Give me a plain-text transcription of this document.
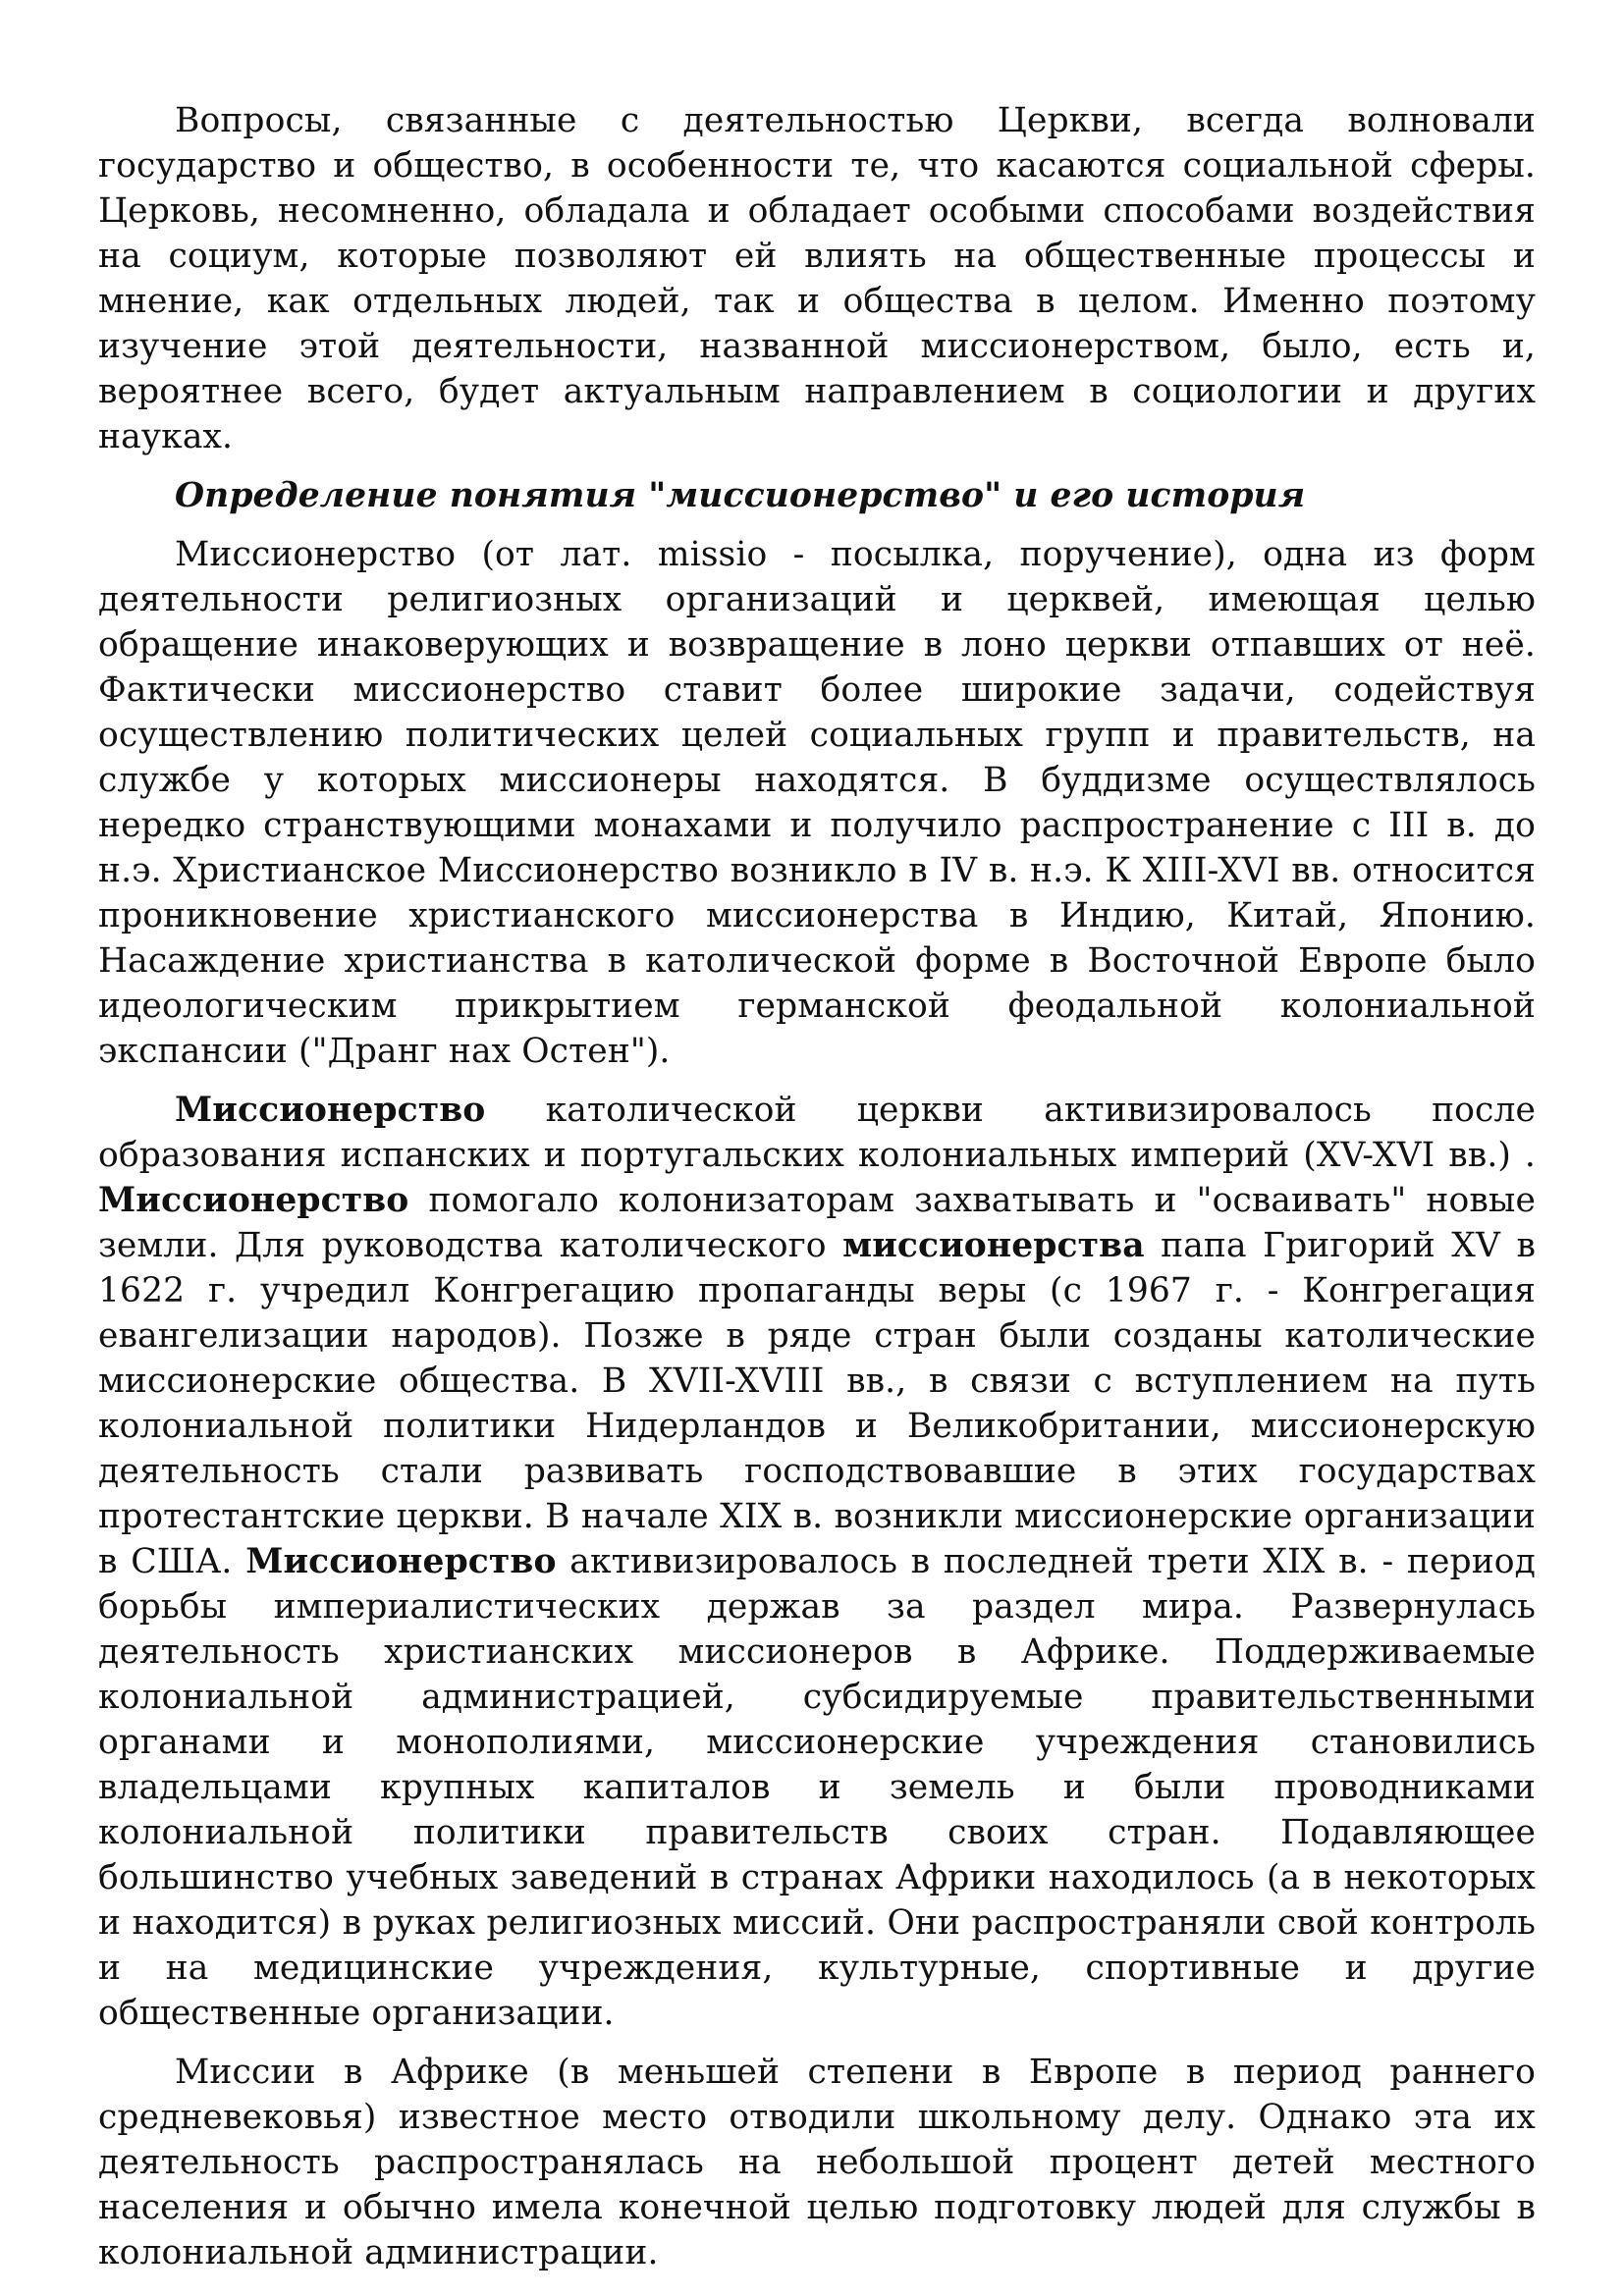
Вопросы, связанные с деятельностью Церкви, всегда волновали государство и общество, в особенности те, что касаются социальной сферы. Церковь, несомненно, обладала и обладает особыми способами воздействия на социум, которые позволяют ей влиять на общественные процессы и мнение, как отдельных людей, так и общества в целом. Именно поэтому изучение этой деятельности, названной миссионерством, было, есть и, вероятнее всего, будет актуальным направлением в социологии и других науках.

Определение понятия "миссионерство" и его история

Миссионерство (от лат. missio - посылка, поручение), одна из форм деятельности религиозных организаций и церквей, имеющая целью обращение инаковерующих и возвращение в лоно церкви отпавших от неё. Фактически миссионерство ставит более широкие задачи, содействуя осуществлению политических целей социальных групп и правительств, на службе у которых миссионеры находятся. В буддизме осуществлялось нередко странствующими монахами и получило распространение с III в. до н.э. Христианское Миссионерство возникло в IV в. н.э. К XIII-XVI вв. относится проникновение христианского миссионерства в Индию, Китай, Японию. Насаждение христианства в католической форме в Восточной Европе было идеологическим прикрытием германской феодальной колониальной экспансии ("Дранг нах Остен").

Миссионерство католической церкви активизировалось после образования испанских и португальских колониальных империй (XV-XVI вв.) . Миссионерство помогало колонизаторам захватывать и "осваивать" новые земли. Для руководства католического миссионерства папа Григорий XV в 1622 г. учредил Конгрегацию пропаганды веры (с 1967 г. - Конгрегация евангелизации народов). Позже в ряде стран были созданы католические миссионерские общества. В XVII-XVIII вв., в связи с вступлением на путь колониальной политики Нидерландов и Великобритании, миссионерскую деятельность стали развивать господствовавшие в этих государствах протестантские церкви. В начале XIX в. возникли миссионерские организации в США. Миссионерство активизировалось в последней трети XIX в. - период борьбы империалистических держав за раздел мира. Развернулась деятельность христианских миссионеров в Африке. Поддерживаемые колониальной администрацией, субсидируемые правительственными органами и монополиями, миссионерские учреждения становились владельцами крупных капиталов и земель и были проводниками колониальной политики правительств своих стран. Подавляющее большинство учебных заведений в странах Африки находилось (а в некоторых и находится) в руках религиозных миссий. Они распространяли свой контроль и на медицинские учреждения, культурные, спортивные и другие общественные организации.

Миссии в Африке (в меньшей степени в Европе в период раннего средневековья) известное место отводили школьному делу. Однако эта их деятельность распространялась на небольшой процент детей местного населения и обычно имела конечной целью подготовку людей для службы в колониальной администрации.
